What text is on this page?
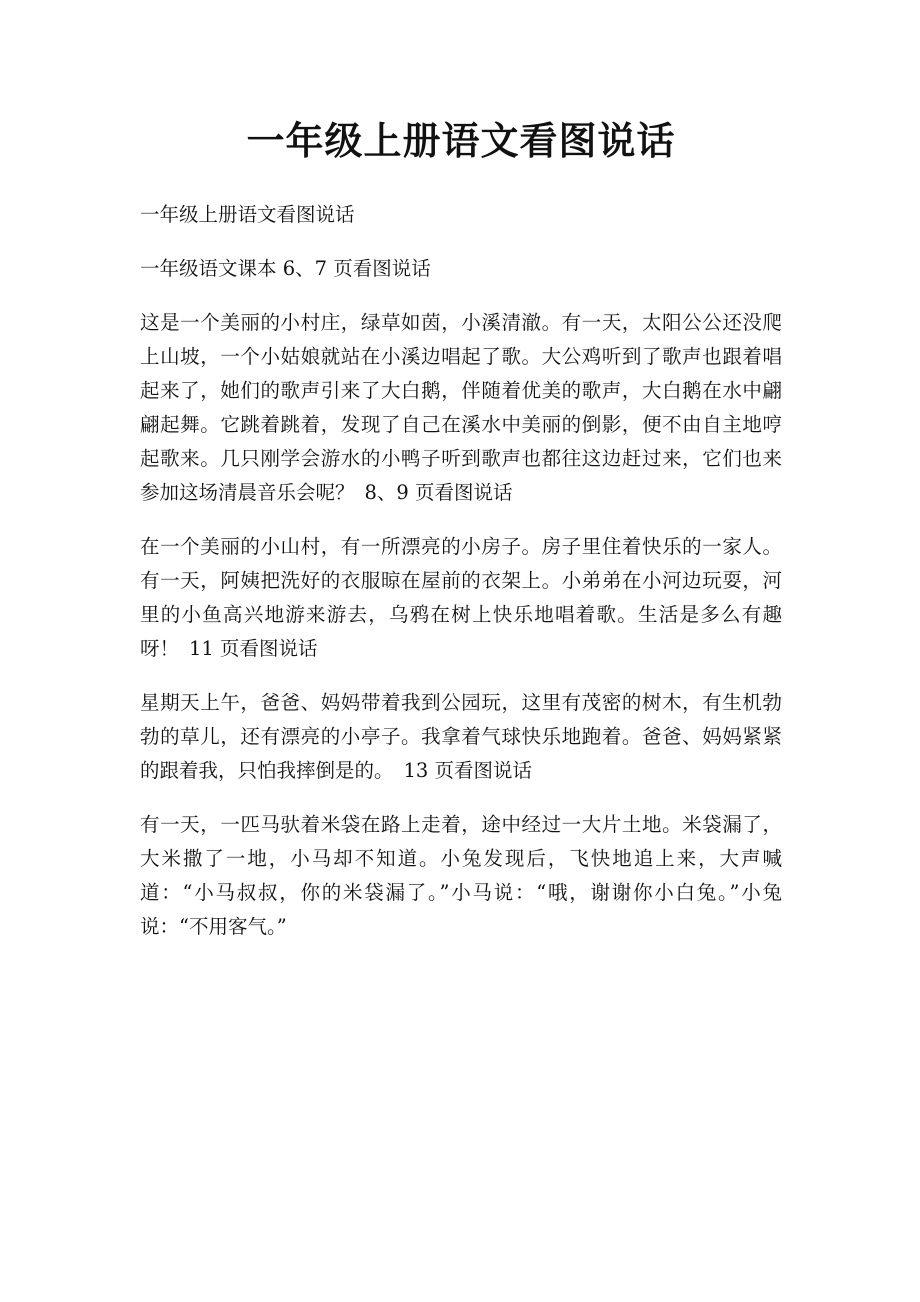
一年级上册语文看图说话

一年级上册语文看图说话

一年级语文课本 6、7 页看图说话

这是一个美丽的小村庄，绿草如茵，小溪清澈。有一天，太阳公公还没爬上山坡，一个小姑娘就站在小溪边唱起了歌。大公鸡听到了歌声也跟着唱起来了，她们的歌声引来了大白鹅，伴随着优美的歌声，大白鹅在水中翩翩起舞。它跳着跳着，发现了自己在溪水中美丽的倒影，便不由自主地哼起歌来。几只刚学会游水的小鸭子听到歌声也都往这边赶过来，它们也来参加这场清晨音乐会呢？ 8、9 页看图说话

在一个美丽的小山村，有一所漂亮的小房子。房子里住着快乐的一家人。有一天，阿姨把洗好的衣服晾在屋前的衣架上。小弟弟在小河边玩耍，河里的小鱼高兴地游来游去，乌鸦在树上快乐地唱着歌。生活是多么有趣呀！ 11 页看图说话

星期天上午，爸爸、妈妈带着我到公园玩，这里有茂密的树木，有生机勃勃的草儿，还有漂亮的小亭子。我拿着气球快乐地跑着。爸爸、妈妈紧紧的跟着我，只怕我摔倒是的。 13 页看图说话

有一天，一匹马驮着米袋在路上走着，途中经过一大片土地。米袋漏了，大米撒了一地，小马却不知道。小兔发现后，飞快地追上来，大声喊道：“小马叔叔，你的米袋漏了。”小马说：“哦，谢谢你小白兔。”小兔说：“不用客气。”
